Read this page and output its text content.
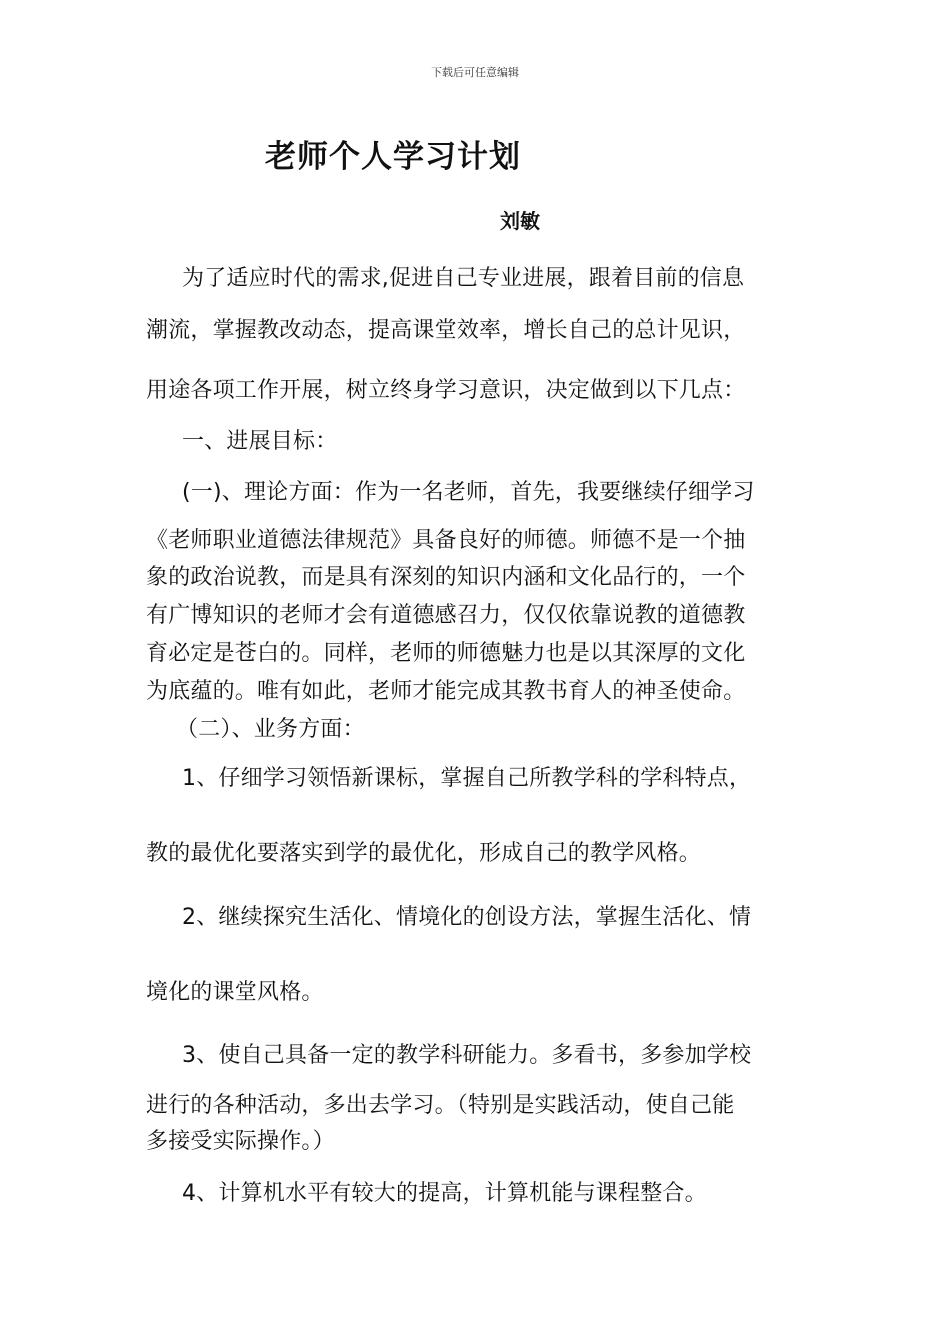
下载后可任意编辑
老师个人学习计划
刘敏
为了适应时代的需求,促进自己专业进展，跟着目前的信息
潮流，掌握教改动态，提高课堂效率，增长自己的总计见识，
用途各项工作开展，树立终身学习意识，决定做到以下几点：
一、进展目标：
(一)、理论方面：作为一名老师，首先，我要继续仔细学习
《老师职业道德法律规范》具备良好的师德。师德不是一个抽
象的政治说教，而是具有深刻的知识内涵和文化品行的，一个
有广博知识的老师才会有道德感召力，仅仅依靠说教的道德教
育必定是苍白的。同样，老师的师德魅力也是以其深厚的文化
为底蕴的。唯有如此，老师才能完成其教书育人的神圣使命。
（二）、业务方面：
1、仔细学习领悟新课标，掌握自己所教学科的学科特点，
教的最优化要落实到学的最优化，形成自己的教学风格。
2、继续探究生活化、情境化的创设方法，掌握生活化、情
境化的课堂风格。
3、使自己具备一定的教学科研能力。多看书，多参加学校
进行的各种活动，多出去学习。（特别是实践活动，使自己能
多接受实际操作。）
4、计算机水平有较大的提高，计算机能与课程整合。
